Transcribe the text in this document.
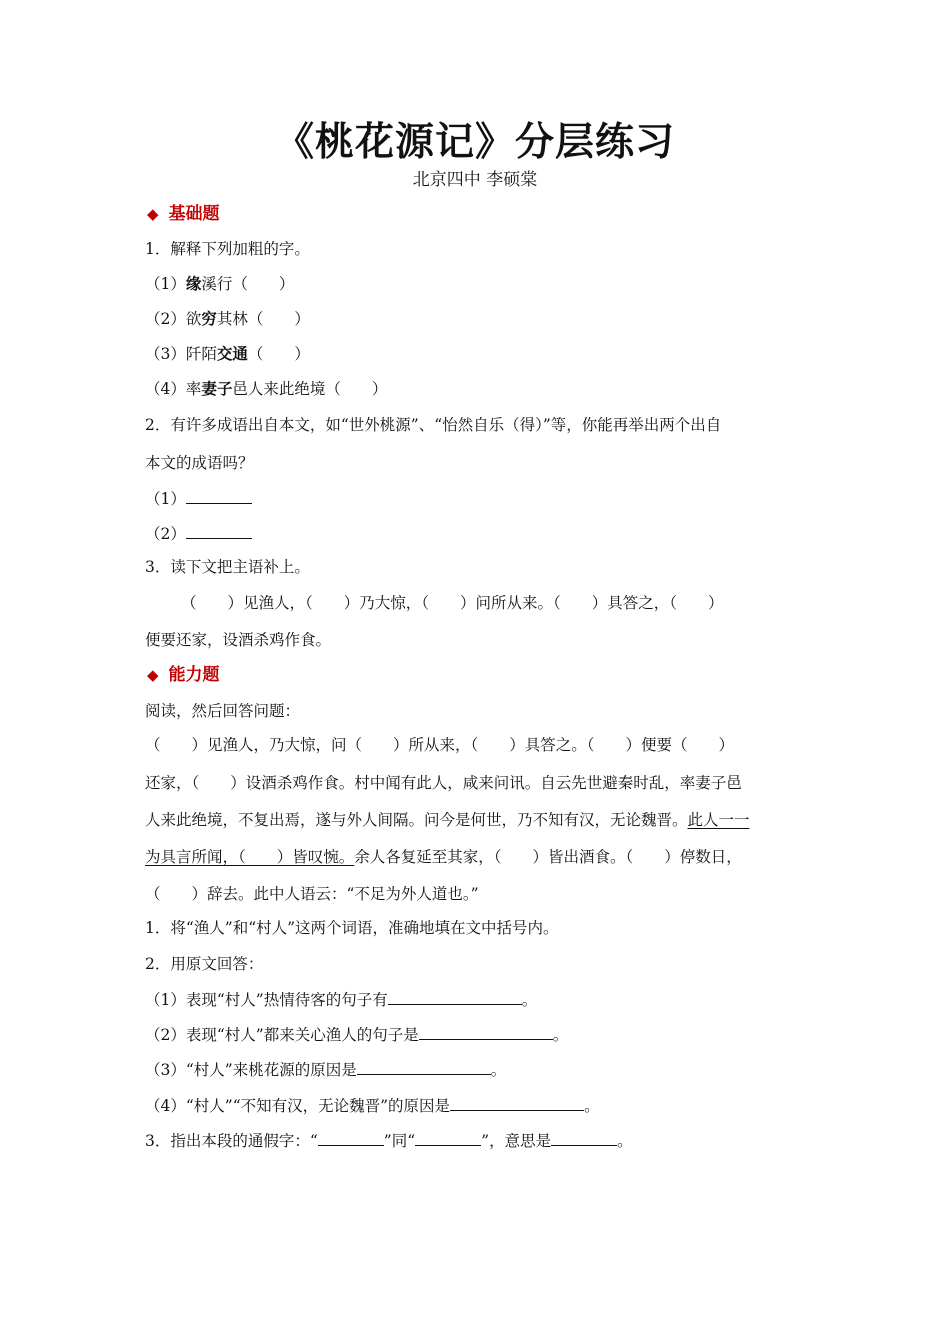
《桃花源记》分层练习
北京四中 李硕棠
◆ 基础题
1．解释下列加粗的字。
（1）缘溪行（　　）
（2）欲穷其林（　　）
（3）阡陌交通（　　）
（4）率妻子邑人来此绝境（　　）
2．有许多成语出自本文，如“世外桃源”、“怡然自乐（得）”等，你能再举出两个出自
本文的成语吗？
（1）
（2）
3．读下文把主语补上。
（　　）见渔人，（　　）乃大惊，（　　）问所从来。（　　）具答之，（　　）
便要还家，设酒杀鸡作食。
◆ 能力题
阅读，然后回答问题：
（　　）见渔人，乃大惊，问（　　）所从来，（　　）具答之。（　　）便要（　　）
还家，（　　）设酒杀鸡作食。村中闻有此人，咸来问讯。自云先世避秦时乱，率妻子邑
人来此绝境，不复出焉，遂与外人间隔。问今是何世，乃不知有汉，无论魏晋。此人一一
为具言所闻，（　　）皆叹惋。余人各复延至其家，（　　）皆出酒食。（　　）停数日，
（　　）辞去。此中人语云：“不足为外人道也。”
1．将“渔人”和“村人”这两个词语，准确地填在文中括号内。
2．用原文回答：
（1）表现“村人”热情待客的句子有	。
（2）表现“村人”都来关心渔人的句子是	。
（3）“村人”来桃花源的原因是	。
（4）“村人”“不知有汉，无论魏晋”的原因是	。
3．指出本段的通假字：“	”同“	”，意思是	。
